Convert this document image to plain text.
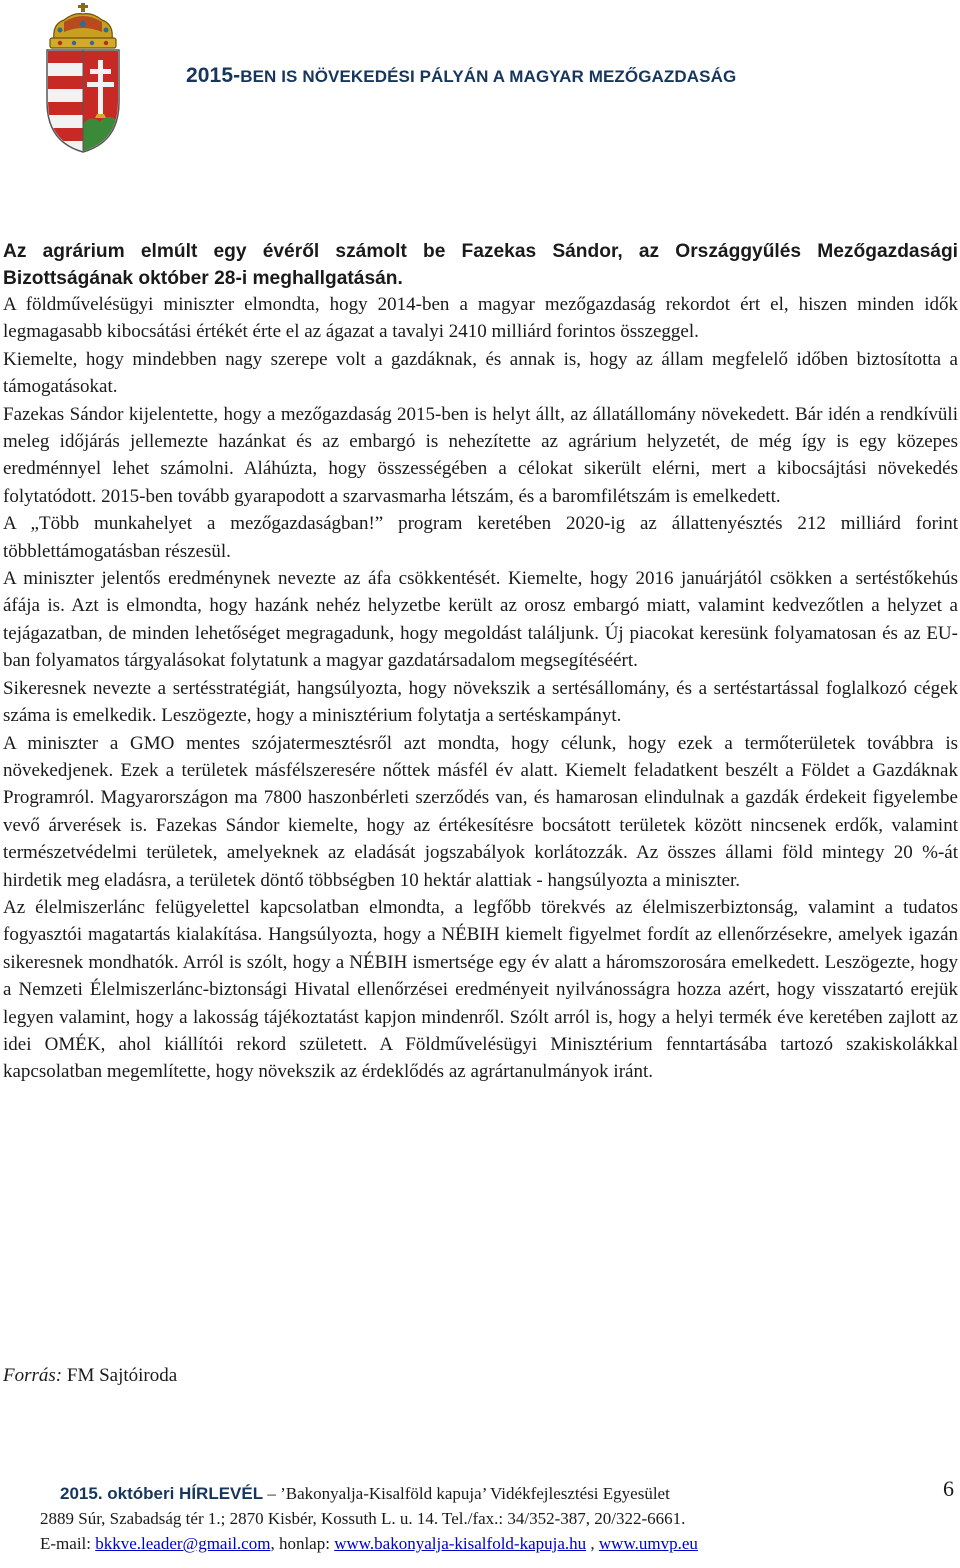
2015-BEN IS NÖVEKEDÉSI PÁLYÁN A MAGYAR MEZŐGAZDASÁG

Az agrárium elmúlt egy évéről számolt be Fazekas Sándor, az Országgyűlés Mezőgazdasági Bizottságának október 28-i meghallgatásán.

A földművelésügyi miniszter elmondta, hogy 2014-ben a magyar mezőgazdaság rekordot ért el, hiszen minden idők legmagasabb kibocsátási értékét érte el az ágazat a tavalyi 2410 milliárd forintos összeggel.

Kiemelte, hogy mindebben nagy szerepe volt a gazdáknak, és annak is, hogy az állam megfelelő időben biztosította a támogatásokat.

Fazekas Sándor kijelentette, hogy a mezőgazdaság 2015-ben is helyt állt, az állatállomány növekedett. Bár idén a rendkívüli meleg időjárás jellemezte hazánkat és az embargó is nehezítette az agrárium helyzetét, de még így is egy közepes eredménnyel lehet számolni. Aláhúzta, hogy összességében a célokat sikerült elérni, mert a kibocsájtási növekedés folytatódott. 2015-ben tovább gyarapodott a szarvasmarha létszám, és a baromfilétszám is emelkedett.

A „Több munkahelyet a mezőgazdaságban!” program keretében 2020-ig az állattenyésztés 212 milliárd forint többlettámogatásban részesül.

A miniszter jelentős eredménynek nevezte az áfa csökkentését. Kiemelte, hogy 2016 januárjától csökken a sertéstőkehús áfája is. Azt is elmondta, hogy hazánk nehéz helyzetbe került az orosz embargó miatt, valamint kedvezőtlen a helyzet a tejágazatban, de minden lehetőséget megragadunk, hogy megoldást találjunk. Új piacokat keresünk folyamatosan és az EU-ban folyamatos tárgyalásokat folytatunk a magyar gazdatársadalom megsegítéséért.

Sikeresnek nevezte a sertésstratégiát, hangsúlyozta, hogy növekszik a sertésállomány, és a sertéstartással foglalkozó cégek száma is emelkedik. Leszögezte, hogy a minisztérium folytatja a sertéskampányt.

A miniszter a GMO mentes szójatermesztésről azt mondta, hogy célunk, hogy ezek a termőterületek továbbra is növekedjenek. Ezek a területek másfélszeresére nőttek másfél év alatt. Kiemelt feladatkent beszélt a Földet a Gazdáknak Programról. Magyarországon ma 7800 haszonbérleti szerződés van, és hamarosan elindulnak a gazdák érdekeit figyelembe vevő árverések is. Fazekas Sándor kiemelte, hogy az értékesítésre bocsátott területek között nincsenek erdők, valamint természetvédelmi területek, amelyeknek az eladását jogszabályok korlátozzák. Az összes állami föld mintegy 20 %-át hirdetik meg eladásra, a területek döntő többségben 10 hektár alattiak - hangsúlyozta a miniszter.

Az élelmiszerlánc felügyelettel kapcsolatban elmondta, a legfőbb törekvés az élelmiszerbiztonság, valamint a tudatos fogyasztói magatartás kialakítása. Hangsúlyozta, hogy a NÉBIH kiemelt figyelmet fordít az ellenőrzésekre, amelyek igazán sikeresnek mondhatók. Arról is szólt, hogy a NÉBIH ismertsége egy év alatt a háromszorosára emelkedett. Leszögezte, hogy a Nemzeti Élelmiszerlánc-biztonsági Hivatal ellenőrzései eredményeit nyilvánosságra hozza azért, hogy visszatartó erejük legyen valamint, hogy a lakosság tájékoztatást kapjon mindenről. Szólt arról is, hogy a helyi termék éve keretében zajlott az idei OMÉK, ahol kiállítói rekord született. A Földművelésügyi Minisztérium fenntartásába tartozó szakiskolákkal kapcsolatban megemlítette, hogy növekszik az érdeklődés az agrártanulmányok iránt.

Forrás: FM Sajtóiroda
2015. októberi HÍRLEVÉL – ’Bakonyalja-Kisalföld kapuja’ Vidékfejlesztési Egyesület	6
2889 Súr, Szabadság tér 1.; 2870 Kisbér, Kossuth L. u. 14. Tel./fax.: 34/352-387, 20/322-6661.
E-mail: bkkve.leader@gmail.com, honlap: www.bakonyalja-kisalfold-kapuja.hu , www.umvp.eu
